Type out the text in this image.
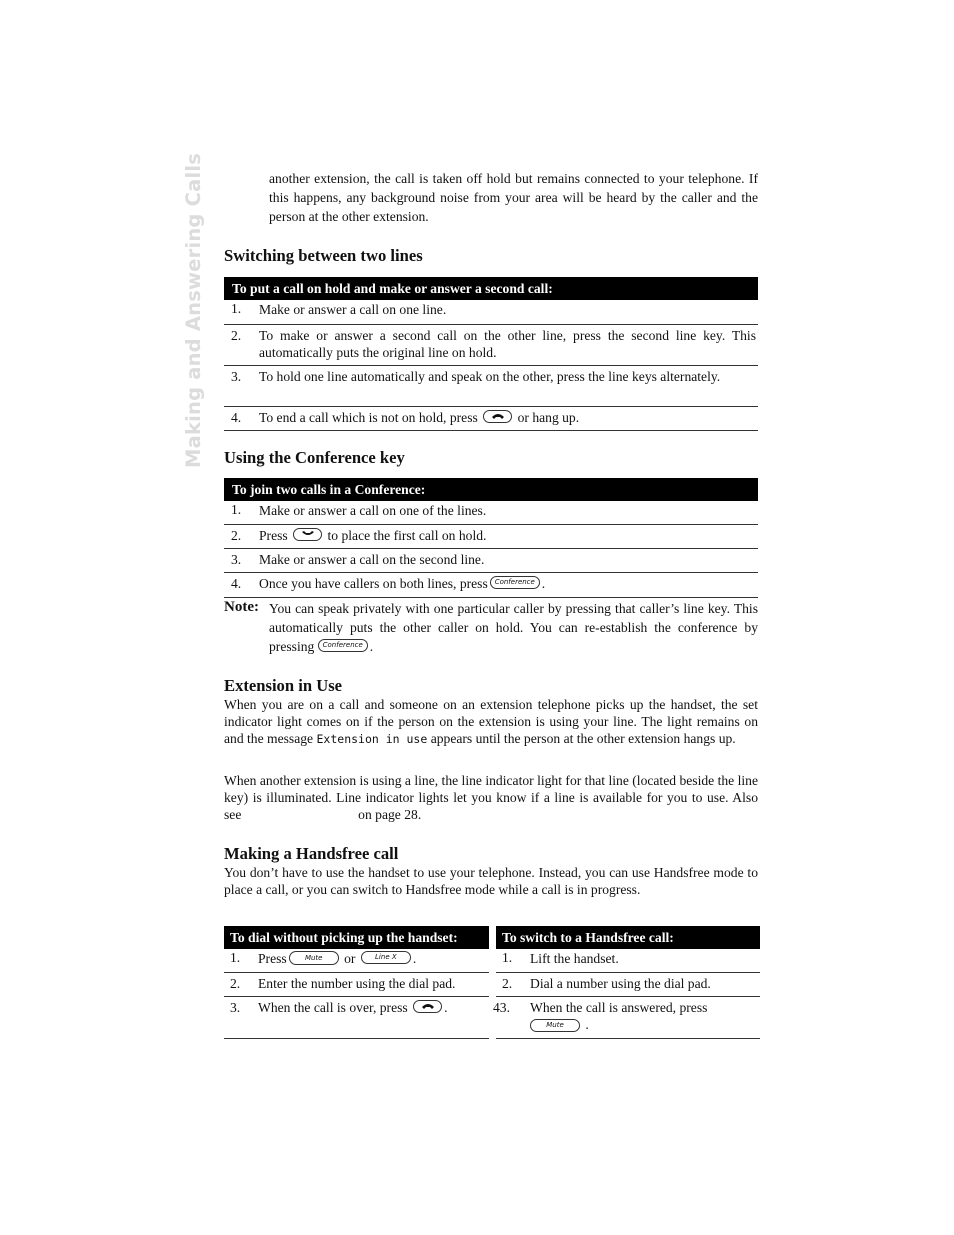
Making and Answering Calls	another extension, the call is taken off hold but remains connected to your telephone. If this happens, any background noise from your area will be heard by the caller and the person at the other extension.
Switching between two lines
To put a call on hold and make or answer a second call:
1.	Make or answer a call on one line.
2.	To make or answer a second call on the other line, press the second line key. This automatically puts the original line on hold.
3.	To hold one line automatically and speak on the other, press the line keys alternately.
4.	To end a call which is not on hold, press	or hang up.
Using the Conference key
To join two calls in a Conference:
1.	Make or answer a call on one of the lines.
2.	Press	to place the first call on hold.
3.	Make or answer a call on the second line.
4.	Once you have callers on both lines, press Conference .
Note: You can speak privately with one particular caller by pressing that caller’s line key. This automatically puts the other caller on hold. You can re-establish the conference by pressing Conference .
Extension in Use
When you are on a call and someone on an extension telephone picks up the handset, the set indicator light comes on if the person on the extension is using your line. The light remains on and the message Extension in use appears until the person at the other extension hangs up.
When another extension is using a line, the line indicator light for that line (located beside the line key) is illuminated. Line indicator lights let you know if a line is available for you to use. Also see	on page 28.
Making a Handsfree call
You don’t have to use the handset to use your telephone. Instead, you can use Handsfree mode to place a call, or you can switch to Handsfree mode while a call is in progress.
To dial without picking up the handset:
1.	Press	Mute or	Line X .
2.	Enter the number using the dial pad.
3.	When the call is over, press	.
To switch to a Handsfree call:
1.	Lift the handset.
2.	Dial a number using the dial pad.
43.	When the call is answered, press
Mute .
